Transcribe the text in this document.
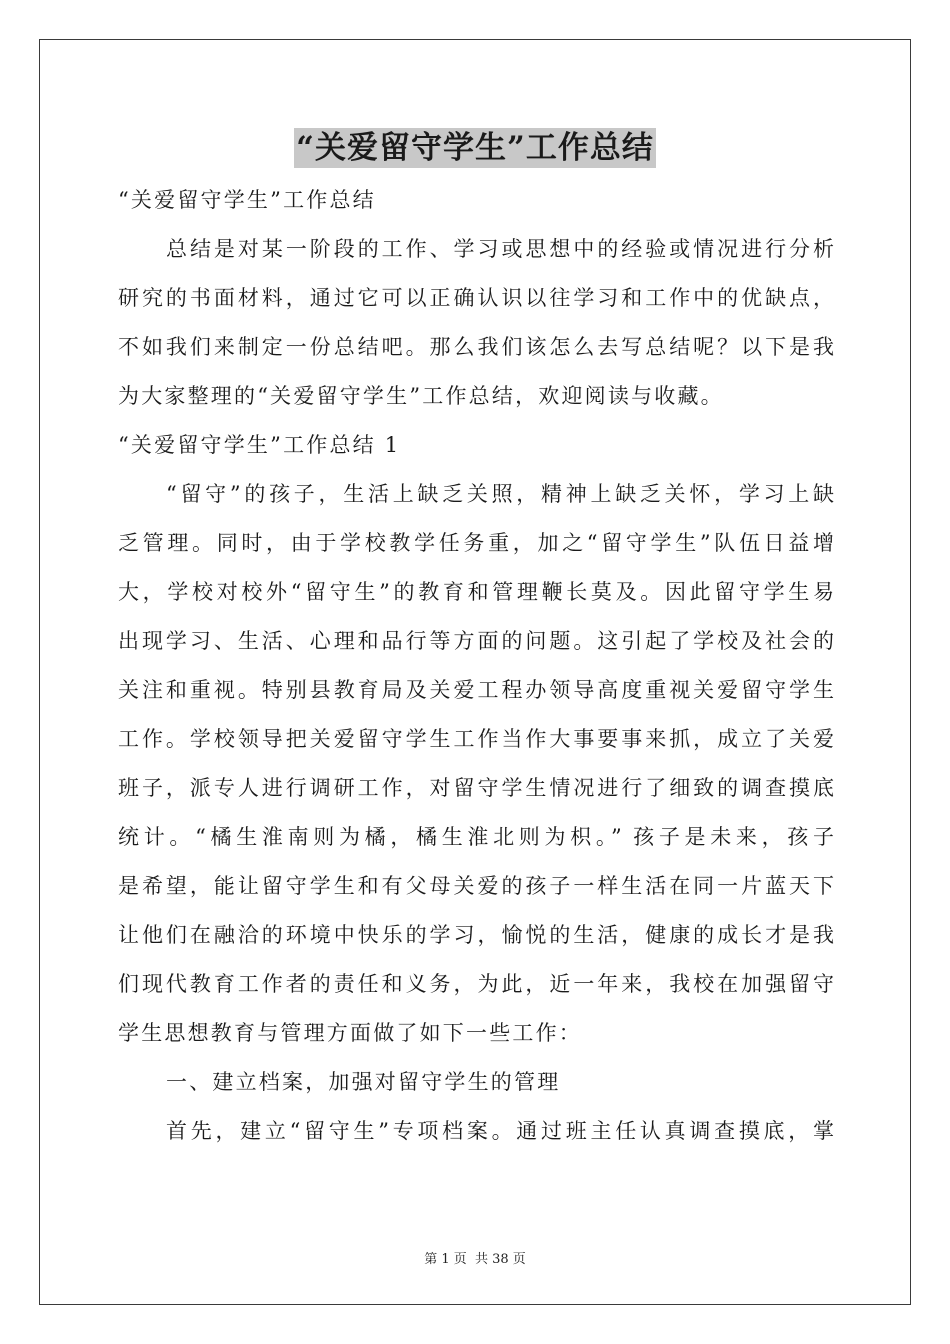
“关爱留守学生”工作总结
“关爱留守学生”工作总结
总结是对某一阶段的工作、学习或思想中的经验或情况进行分析
研究的书面材料，通过它可以正确认识以往学习和工作中的优缺点，
不如我们来制定一份总结吧。那么我们该怎么去写总结呢？以下是我
为大家整理的“关爱留守学生”工作总结，欢迎阅读与收藏。
“关爱留守学生”工作总结 1
“留守”的孩子，生活上缺乏关照，精神上缺乏关怀，学习上缺
乏管理。同时，由于学校教学任务重，加之“留守学生”队伍日益增
大，学校对校外“留守生”的教育和管理鞭长莫及。因此留守学生易
出现学习、生活、心理和品行等方面的问题。这引起了学校及社会的
关注和重视。特别县教育局及关爱工程办领导高度重视关爱留守学生
工作。学校领导把关爱留守学生工作当作大事要事来抓，成立了关爱
班子，派专人进行调研工作，对留守学生情况进行了细致的调查摸底
统计。“橘生淮南则为橘，橘生淮北则为枳。” 孩子是未来，孩子
是希望，能让留守学生和有父母关爱的孩子一样生活在同一片蓝天下
让他们在融洽的环境中快乐的学习，愉悦的生活，健康的成长才是我
们现代教育工作者的责任和义务，为此，近一年来，我校在加强留守
学生思想教育与管理方面做了如下一些工作：
一、建立档案，加强对留守学生的管理
首先，建立“留守生”专项档案。通过班主任认真调查摸底，掌
第 1 页 共 38 页
